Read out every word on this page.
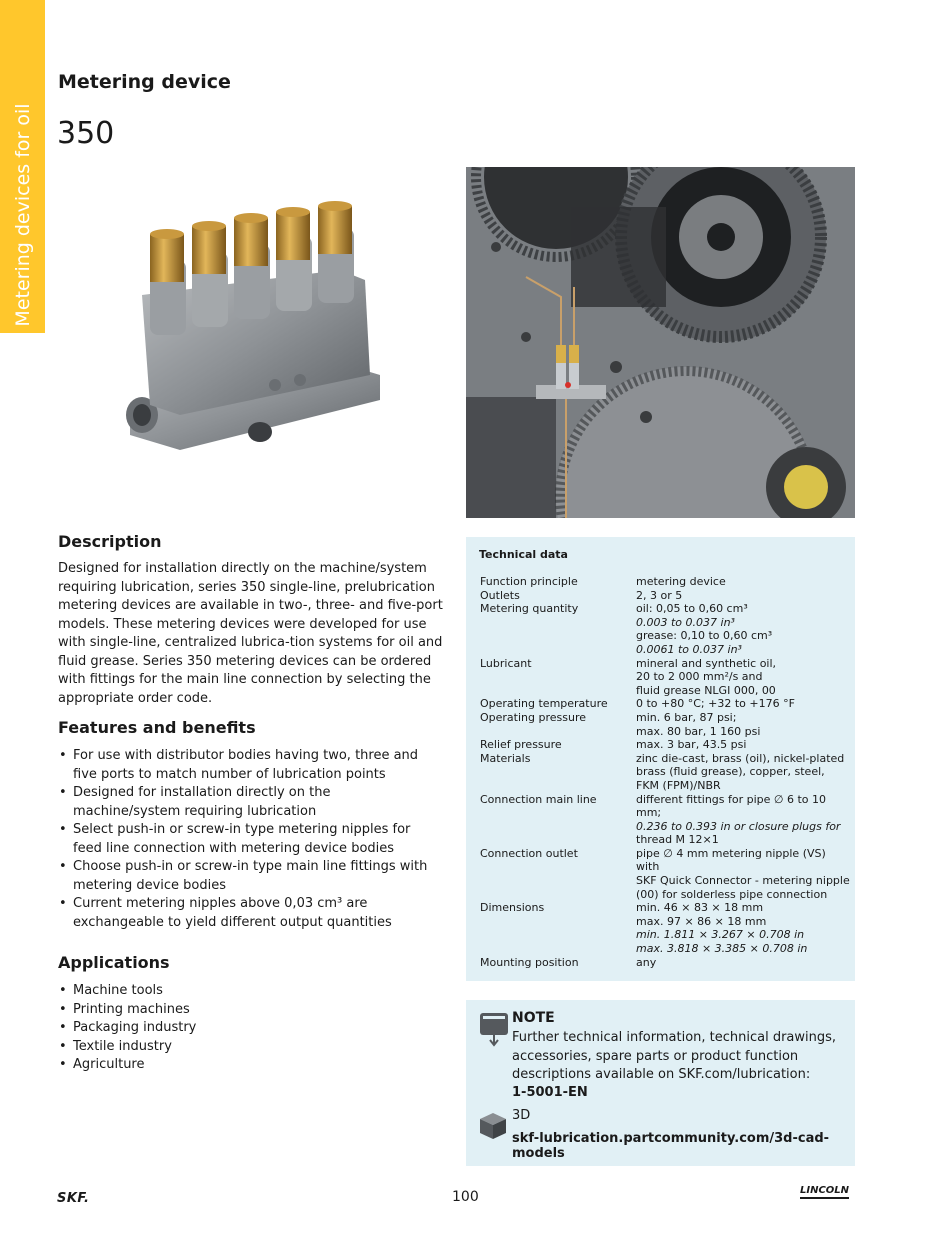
Metering devices for oil
Metering device
350
Description

Designed for installation directly on the machine/system requiring lubrication, series 350 single-line, prelubrication metering devices are available in two-, three- and five-port models. These metering devices were developed for use with single-line, centralized lubrica-tion systems for oil and fluid grease. Series 350 metering devices can be ordered with fittings for the main line connection by selecting the appropriate order code.

Features and benefits
• For use with distributor bodies having two, three and five ports to match number of lubrication points
• Designed for installation directly on the machine/system requiring lubrication
• Select push-in or screw-in type metering nipples for feed line connection with metering device bodies
• Choose push-in or screw-in type main line fittings with metering device bodies
• Current metering nipples above 0,03 cm³ are exchangeable to yield different output quantities
Applications
• Machine tools
• Printing machines
• Packaging industry
• Textile industry
• Agriculture
Technical data
Function principle	metering device
Outlets	2, 3 or 5
Metering quantity	oil: 0,05 to 0,60 cm³
0.003 to 0.037 in³
grease: 0,10 to 0,60 cm³
0.0061 to 0.037 in³
Lubricant	mineral and synthetic oil,
20 to 2 000 mm²/s and
fluid grease NLGI 000, 00
Operating temperature	0 to +80 °C; +32 to +176 °F
Operating pressure	min. 6 bar, 87 psi;
max. 80 bar, 1 160 psi
Relief pressure	max. 3 bar, 43.5 psi
Materials	zinc die-cast, brass (oil), nickel-plated
brass (fluid grease), copper, steel,
FKM (FPM)/NBR
Connection main line	different fittings for pipe ∅ 6 to 10 mm;
0.236 to 0.393 in or closure plugs for
thread M 12×1
Connection outlet	pipe ∅ 4 mm metering nipple (VS) with
SKF Quick Connector - metering nipple
(00) for solderless pipe connection
Dimensions	min. 46 × 83 × 18 mm
max. 97 × 86 × 18 mm
min. 1.811 × 3.267 × 0.708 in
max. 3.818 × 3.385 × 0.708 in
Mounting position	any
NOTE
Further technical information, technical drawings, accessories, spare parts or product function descriptions available on SKF.com/lubrication:
1-5001-EN
3D
skf-lubrication.partcommunity.com/3d-cad-models
SKF.	100	LINCOLN
